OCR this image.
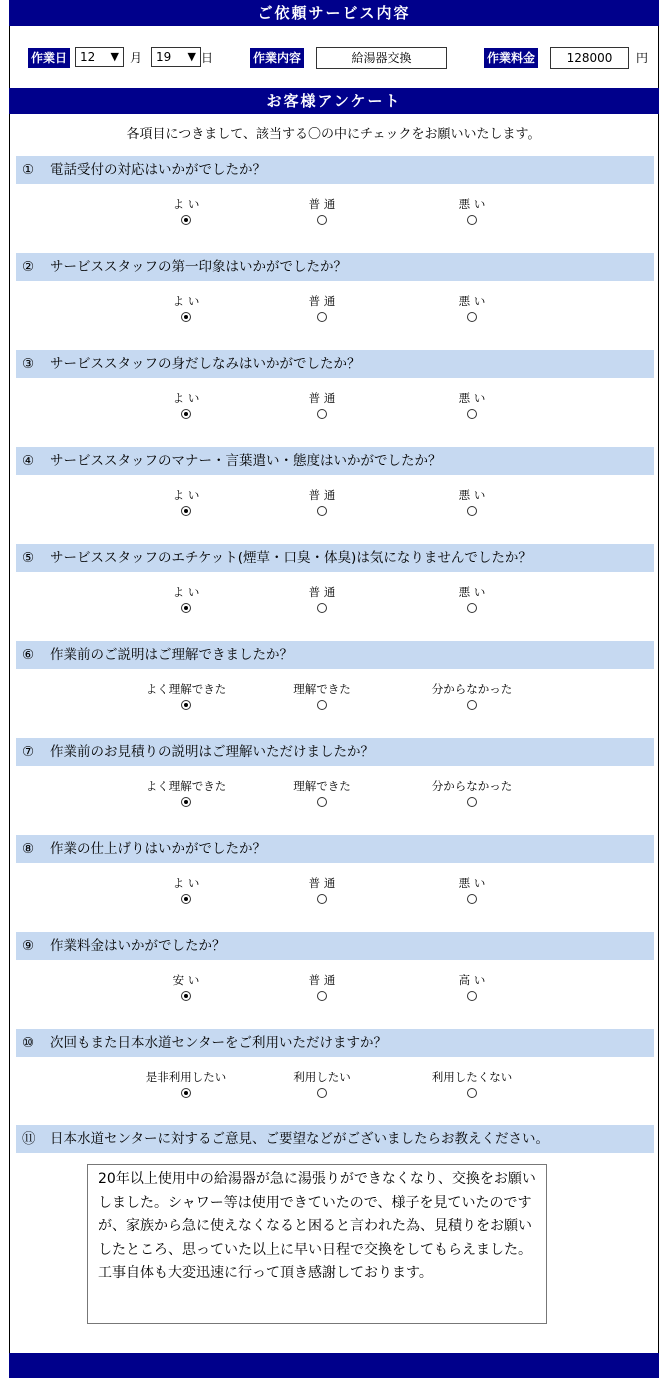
ご依頼サービス内容
作業日	12 ▼ 月	19 ▼ 日	作業内容	給湯器交換	作業料金	128000	円
お客様アンケート
各項目につきまして、該当する〇の中にチェックをお願いいたします。
① 電話受付の対応はいかがでしたか？
よ い	普 通	悪 い
② サービススタッフの第一印象はいかがでしたか？
よ い	普 通	悪 い
③ サービススタッフの身だしなみはいかがでしたか？
よ い	普 通	悪 い
④ サービススタッフのマナー・言葉遣い・態度はいかがでしたか？
よ い	普 通	悪 い
⑤ サービススタッフのエチケット(煙草・口臭・体臭)は気になりませんでしたか？
よ い	普 通	悪 い
⑥ 作業前のご説明はご理解できましたか？
よく理解できた	理解できた	分からなかった
⑦ 作業前のお見積りの説明はご理解いただけましたか？
よく理解できた	理解できた	分からなかった
⑧ 作業の仕上げりはいかがでしたか？
よ い	普 通	悪 い
⑨ 作業料金はいかがでしたか？
安 い	普 通	高 い
⑩ 次回もまた日本水道センターをご利用いただけますか？
是非利用したい	利用したい	利用したくない
⑪ 日本水道センターに対するご意見、ご要望などがございましたらお教えください。
20年以上使用中の給湯器が急に湯張りができなくなり、交換をお願いしました。シャワー等は使用できていたので、様子を見ていたのですが、家族から急に使えなくなると困ると言われた為、見積りをお願いしたところ、思っていた以上に早い日程で交換をしてもらえました。工事自体も大変迅速に行って頂き感謝しております。
